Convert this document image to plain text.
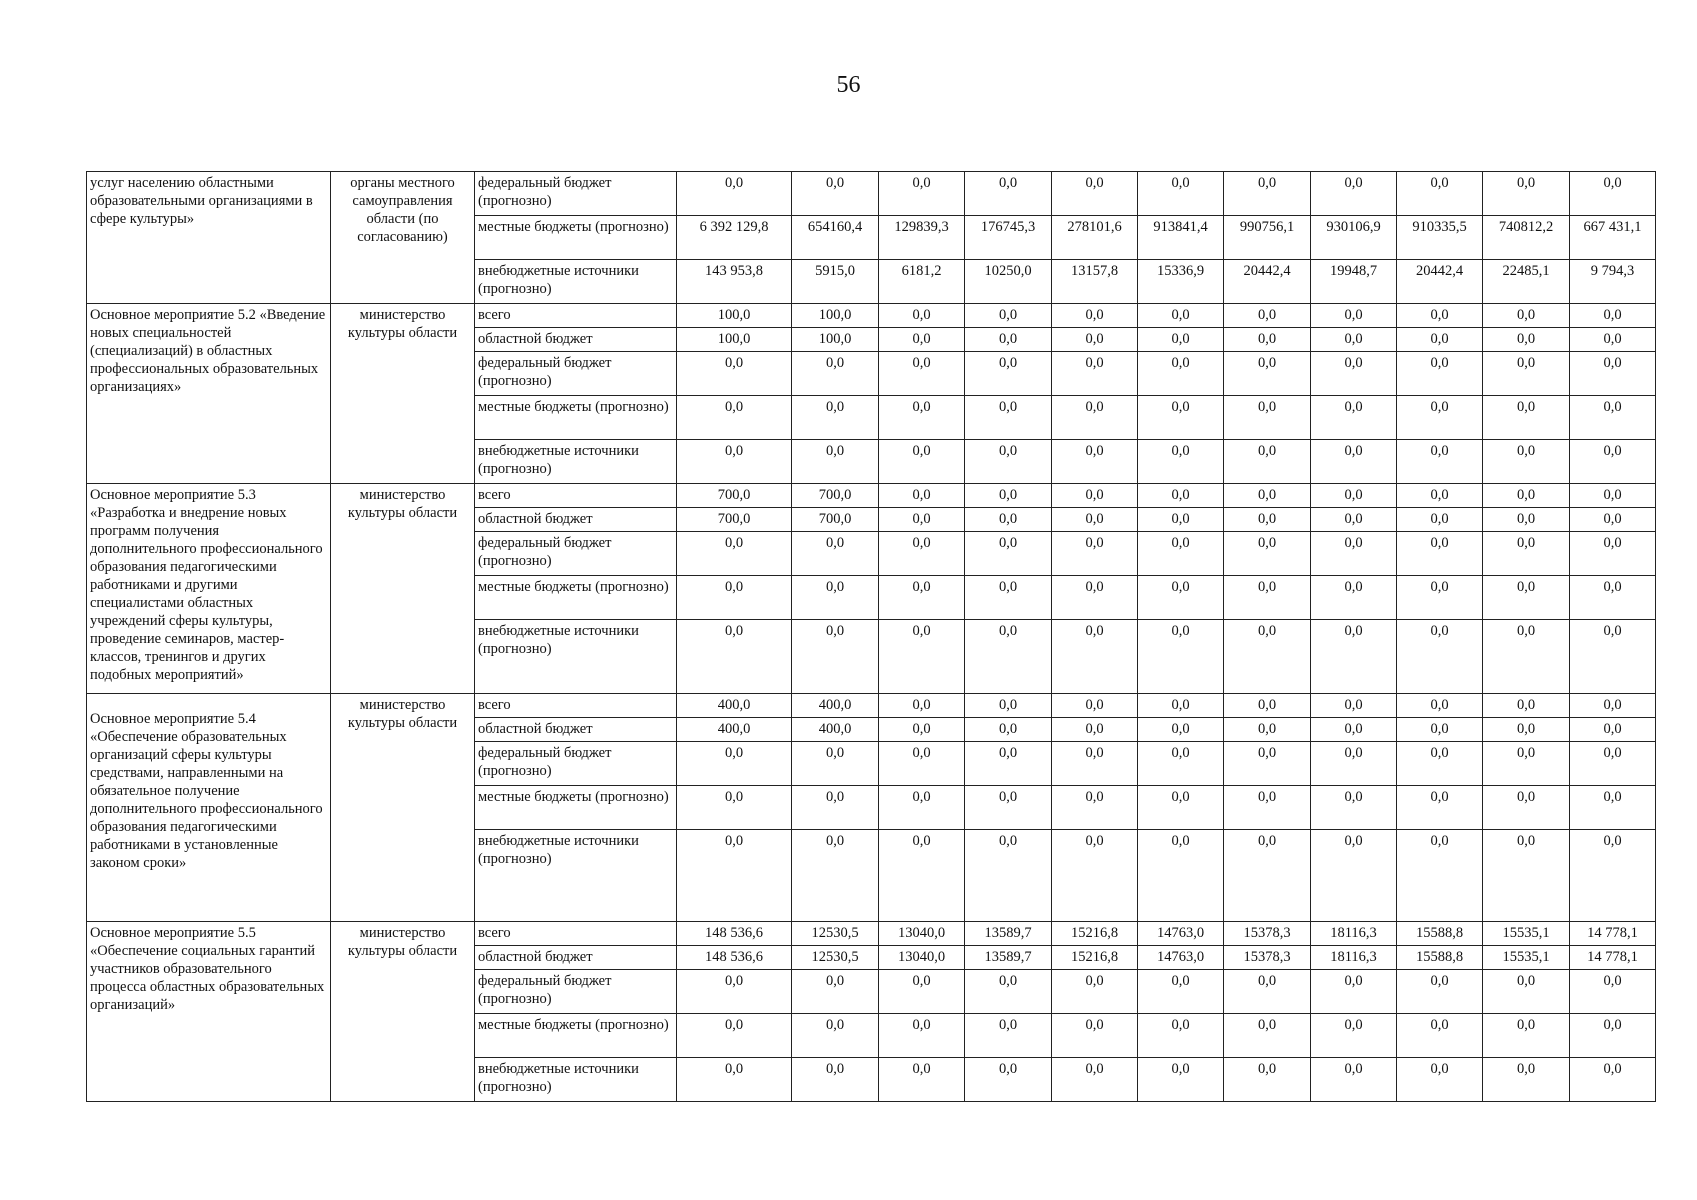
56
услуг населению областными образовательными организациями в сфере культуры»	органы местного самоуправления области (по согласованию)	федеральный бюджет (прогнозно)	0,0	0,0	0,0	0,0	0,0	0,0	0,0	0,0	0,0	0,0	0,0
		местные бюджеты (прогнозно)	6 392 129,8	654160,4	129839,3	176745,3	278101,6	913841,4	990756,1	930106,9	910335,5	740812,2	667 431,1
		внебюджетные источники (прогнозно)	143 953,8	5915,0	6181,2	10250,0	13157,8	15336,9	20442,4	19948,7	20442,4	22485,1	9 794,3
Основное мероприятие 5.2 «Введение новых специальностей (специализаций) в областных профессиональных образовательных организациях»	министерство культуры области	всего	100,0	100,0	0,0	0,0	0,0	0,0	0,0	0,0	0,0	0,0	0,0
		областной бюджет	100,0	100,0	0,0	0,0	0,0	0,0	0,0	0,0	0,0	0,0	0,0
		федеральный бюджет (прогнозно)	0,0	0,0	0,0	0,0	0,0	0,0	0,0	0,0	0,0	0,0	0,0
		местные бюджеты (прогнозно)	0,0	0,0	0,0	0,0	0,0	0,0	0,0	0,0	0,0	0,0	0,0
		внебюджетные источники (прогнозно)	0,0	0,0	0,0	0,0	0,0	0,0	0,0	0,0	0,0	0,0	0,0
Основное мероприятие 5.3 «Разработка и внедрение новых программ получения дополнительного профессионального образования педагогическими работниками и другими специалистами областных учреждений сферы культуры, проведение семинаров, мастер-классов, тренингов и других подобных мероприятий»	министерство культуры области	всего	700,0	700,0	0,0	0,0	0,0	0,0	0,0	0,0	0,0	0,0	0,0
		областной бюджет	700,0	700,0	0,0	0,0	0,0	0,0	0,0	0,0	0,0	0,0	0,0
		федеральный бюджет (прогнозно)	0,0	0,0	0,0	0,0	0,0	0,0	0,0	0,0	0,0	0,0	0,0
		местные бюджеты (прогнозно)	0,0	0,0	0,0	0,0	0,0	0,0	0,0	0,0	0,0	0,0	0,0
		внебюджетные источники (прогнозно)	0,0	0,0	0,0	0,0	0,0	0,0	0,0	0,0	0,0	0,0	0,0
Основное мероприятие 5.4 «Обеспечение образовательных организаций сферы культуры средствами, направленными на обязательное получение дополнительного профессионального образования педагогическими работниками в установленные законом сроки»	министерство культуры области	всего	400,0	400,0	0,0	0,0	0,0	0,0	0,0	0,0	0,0	0,0	0,0
		областной бюджет	400,0	400,0	0,0	0,0	0,0	0,0	0,0	0,0	0,0	0,0	0,0
		федеральный бюджет (прогнозно)	0,0	0,0	0,0	0,0	0,0	0,0	0,0	0,0	0,0	0,0	0,0
		местные бюджеты (прогнозно)	0,0	0,0	0,0	0,0	0,0	0,0	0,0	0,0	0,0	0,0	0,0
		внебюджетные источники (прогнозно)	0,0	0,0	0,0	0,0	0,0	0,0	0,0	0,0	0,0	0,0	0,0
Основное мероприятие 5.5 «Обеспечение социальных гарантий участников образовательного процесса областных образовательных организаций»	министерство культуры области	всего	148 536,6	12530,5	13040,0	13589,7	15216,8	14763,0	15378,3	18116,3	15588,8	15535,1	14 778,1
		областной бюджет	148 536,6	12530,5	13040,0	13589,7	15216,8	14763,0	15378,3	18116,3	15588,8	15535,1	14 778,1
		федеральный бюджет (прогнозно)	0,0	0,0	0,0	0,0	0,0	0,0	0,0	0,0	0,0	0,0	0,0
		местные бюджеты (прогнозно)	0,0	0,0	0,0	0,0	0,0	0,0	0,0	0,0	0,0	0,0	0,0
		внебюджетные источники (прогнозно)	0,0	0,0	0,0	0,0	0,0	0,0	0,0	0,0	0,0	0,0	0,0
